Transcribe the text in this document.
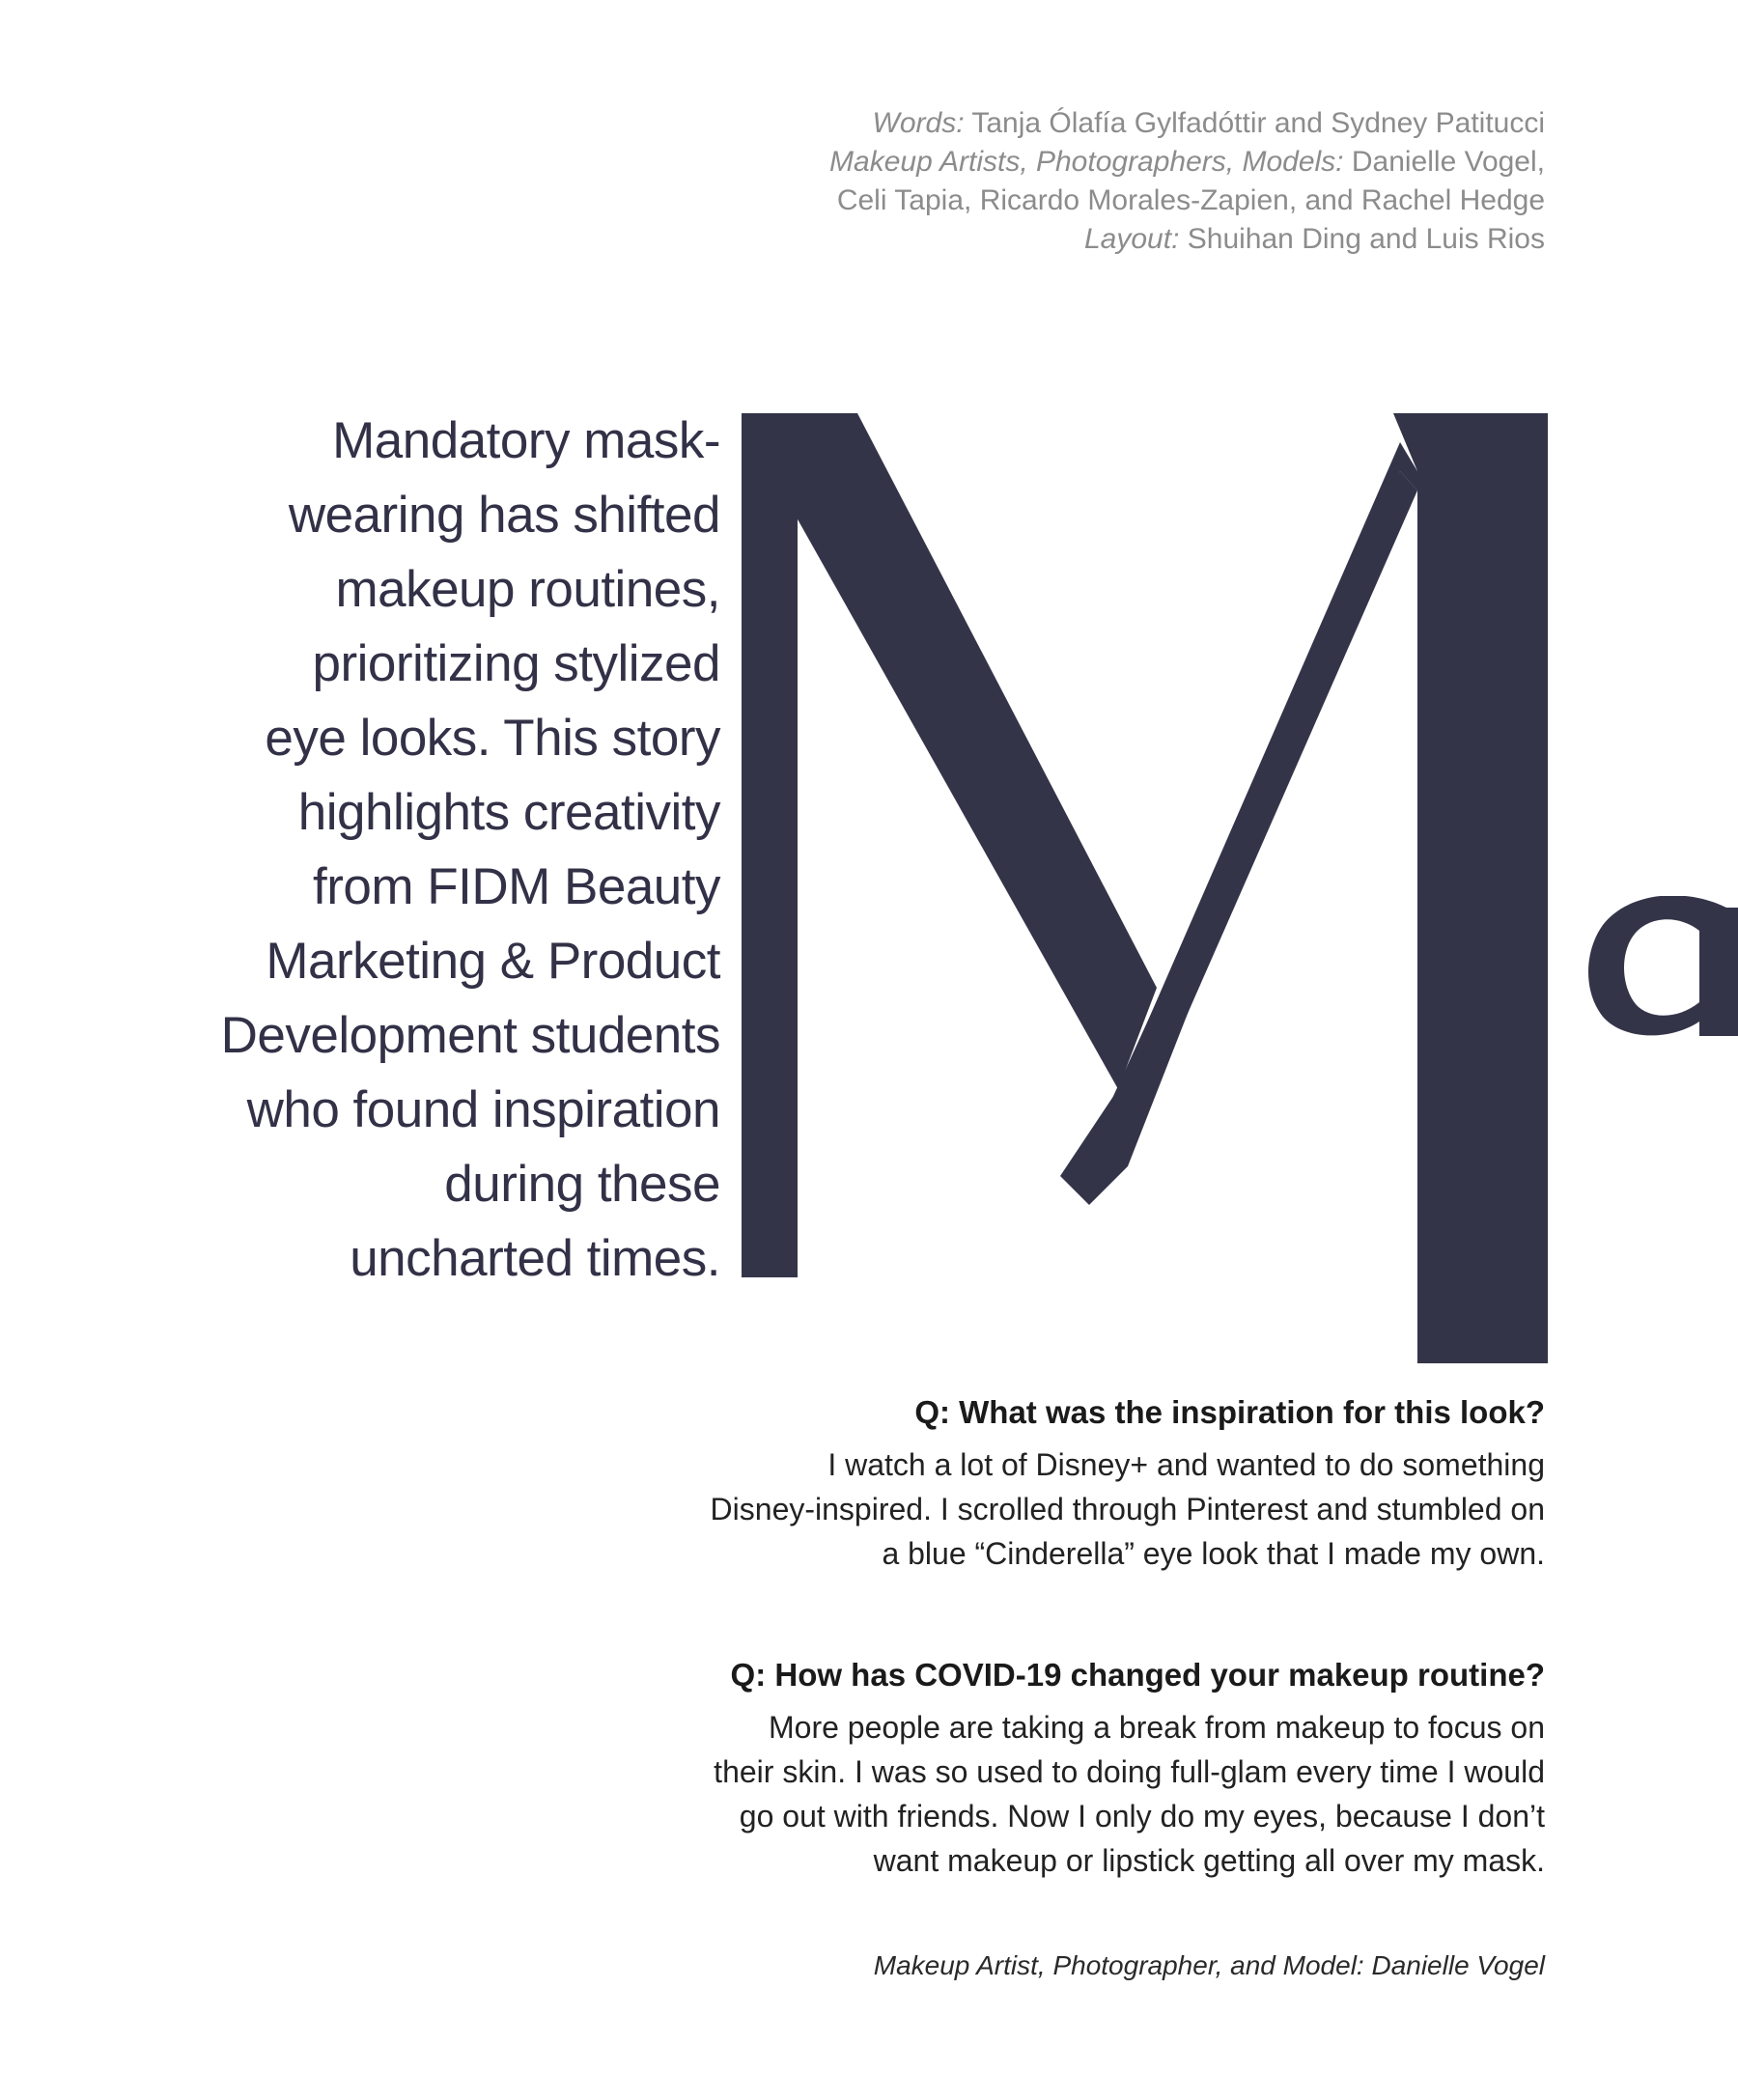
Words: Tanja Ólafía Gylfadóttir and Sydney Patitucci
Makeup Artists, Photographers, Models: Danielle Vogel,
Celi Tapia, Ricardo Morales-Zapien, and Rachel Hedge
Layout: Shuihan Ding and Luis Rios
Mandatory mask-
wearing has shifted
makeup routines,
prioritizing stylized
eye looks. This story
highlights creativity
from FIDM Beauty
Marketing & Product
Development students
who found inspiration
during these
uncharted times.

Q: What was the inspiration for this look?

I watch a lot of Disney+ and wanted to do something
Disney-inspired. I scrolled through Pinterest and stumbled on
a blue “Cinderella” eye look that I made my own.

Q: How has COVID-19 changed your makeup routine?

More people are taking a break from makeup to focus on
their skin. I was so used to doing full-glam every time I would
go out with friends. Now I only do my eyes, because I don’t
want makeup or lipstick getting all over my mask.

Makeup Artist, Photographer, and Model: Danielle Vogel
